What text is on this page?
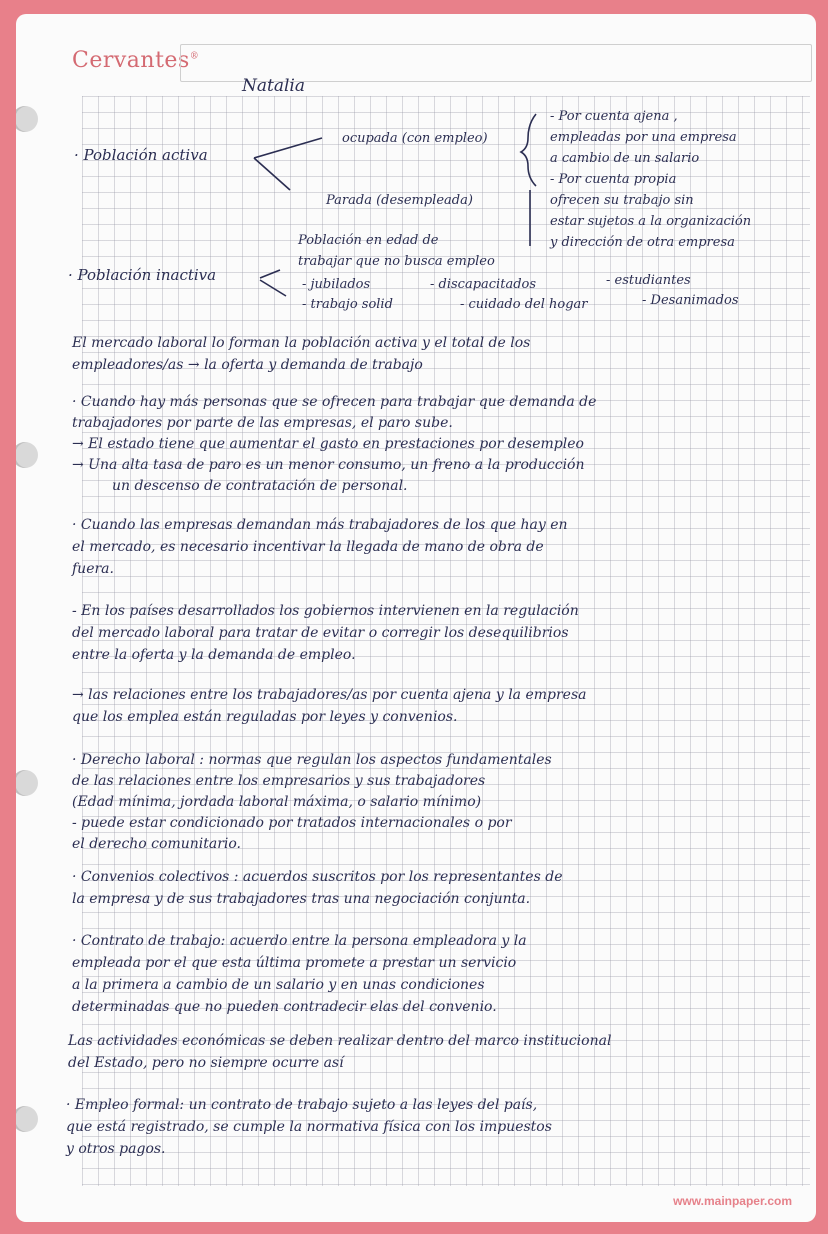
Cervantes®
Natalia
· Población activa
ocupada (con empleo)
Parada (desempleada)
- Por cuenta ajena ,
empleadas por una empresa
a cambio de un salario
- Por cuenta propia
ofrecen su trabajo sin
estar sujetos a la organización
y dirección de otra empresa
Población en edad de
trabajar que no busca empleo
· Población inactiva
- jubilados	- discapacitados	- estudiantes
- trabajo solid	- cuidado del hogar	- Desanimados
El mercado laboral lo forman la población activa y el total de los
empleadores/as → la oferta y demanda de trabajo
· Cuando hay más personas que se ofrecen para trabajar que demanda de
trabajadores por parte de las empresas, el paro sube.
→ El estado tiene que aumentar el gasto en prestaciones por desempleo
→ Una alta tasa de paro es un menor consumo, un freno a la producción
un descenso de contratación de personal.
· Cuando las empresas demandan más trabajadores de los que hay en
el mercado, es necesario incentivar la llegada de mano de obra de
fuera.
- En los países desarrollados los gobiernos intervienen en la regulación
del mercado laboral para tratar de evitar o corregir los desequilibrios
entre la oferta y la demanda de empleo.
→ las relaciones entre los trabajadores/as por cuenta ajena y la empresa
que los emplea están reguladas por leyes y convenios.
· Derecho laboral : normas que regulan los aspectos fundamentales
de las relaciones entre los empresarios y sus trabajadores
(Edad mínima, jordada laboral máxima, o salario mínimo)
- puede estar condicionado por tratados internacionales o por
el derecho comunitario.
· Convenios colectivos : acuerdos suscritos por los representantes de
la empresa y de sus trabajadores tras una negociación conjunta.
· Contrato de trabajo: acuerdo entre la persona empleadora y la
empleada por el que esta última promete a prestar un servicio
a la primera a cambio de un salario y en unas condiciones
determinadas que no pueden contradecir elas del convenio.
Las actividades económicas se deben realizar dentro del marco institucional
del Estado, pero no siempre ocurre así
· Empleo formal: un contrato de trabajo sujeto a las leyes del país,
que está registrado, se cumple la normativa física con los impuestos
y otros pagos.
www.mainpaper.com
